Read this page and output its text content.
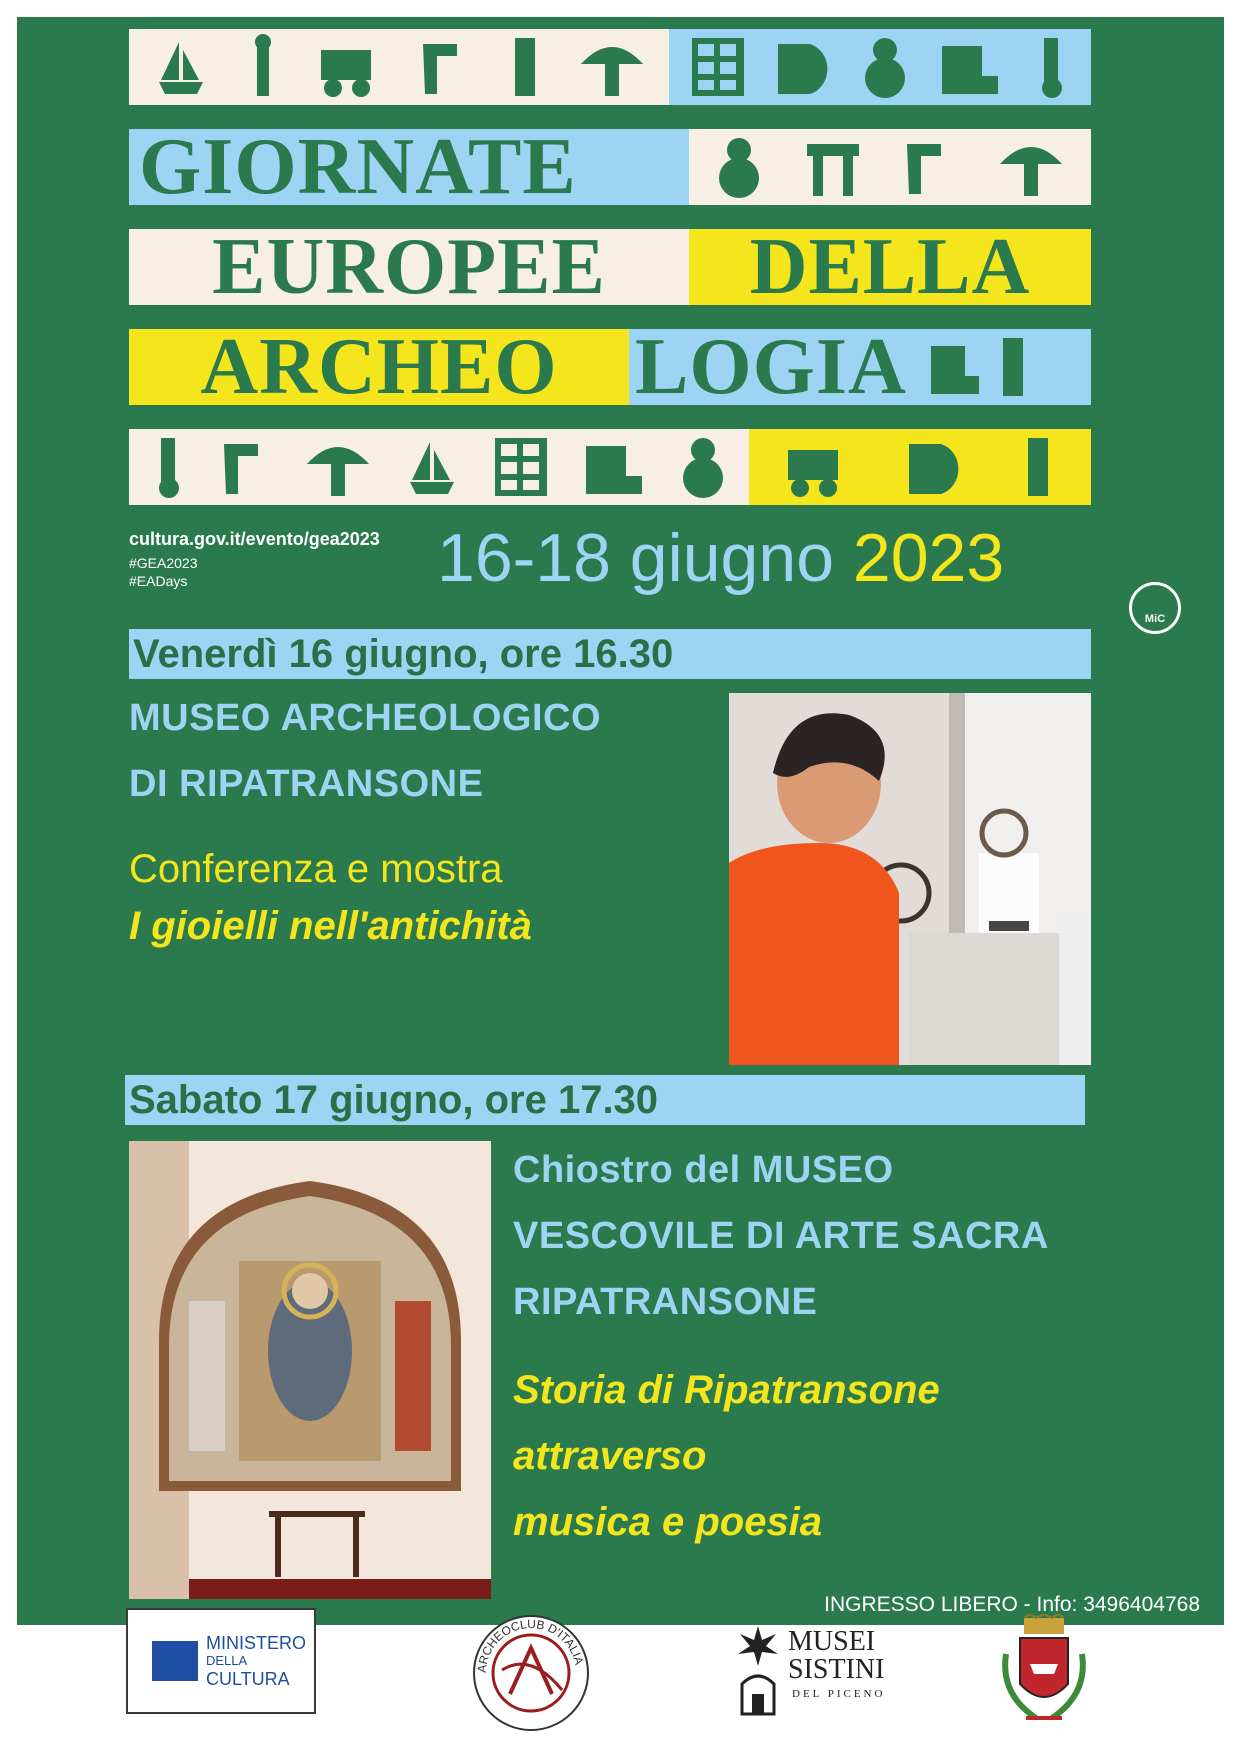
GIORNATE
EUROPEE DELLA
ARCHEO LOGIA
cultura.gov.it/evento/gea2023
#GEA2023
#EADays	16-18 giugno 2023
MiC
Venerdì 16 giugno, ore 16.30
MUSEO ARCHEOLOGICO
DI RIPATRANSONE
Conferenza e mostra
I gioielli nell'antichità
Sabato 17 giugno, ore 17.30
Chiostro del MUSEO
VESCOVILE DI ARTE SACRA
RIPATRANSONE
Storia di Ripatransone
attraverso
musica e poesia
INGRESSO LIBERO - Info: 3496404768
MINISTERO
DELLA
CULTURA
ARCHEOCLUB D'ITALIA
MUSEI
SISTINI
DEL PICENO
